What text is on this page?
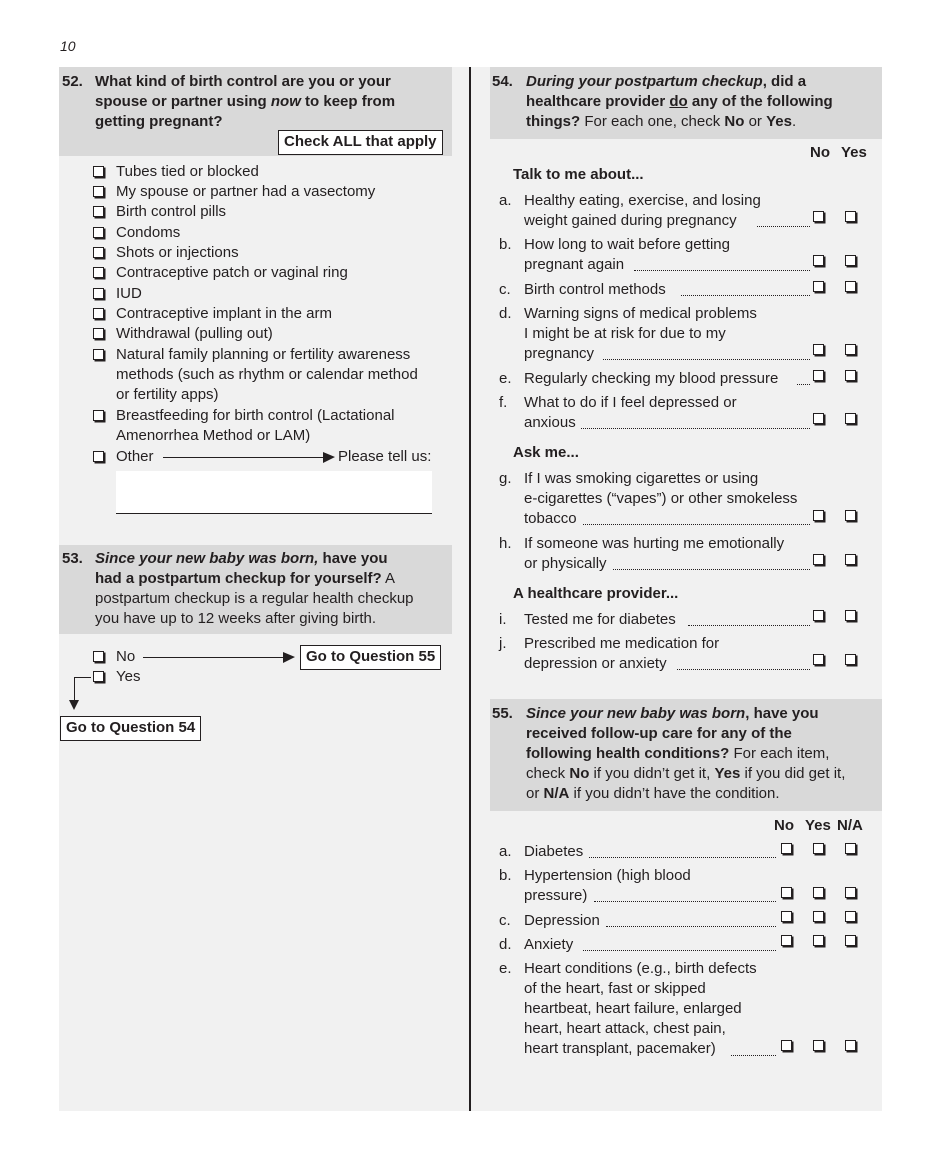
10
52. What kind of birth control are you or your
spouse or partner using now to keep from
getting pregnant?
Check ALL that apply
Tubes tied or blocked
My spouse or partner had a vasectomy
Birth control pills
Condoms
Shots or injections
Contraceptive patch or vaginal ring
IUD
Contraceptive implant in the arm
Withdrawal (pulling out)
Natural family planning or fertility awareness
methods (such as rhythm or calendar method
or fertility apps)
Breastfeeding for birth control (Lactational
Amenorrhea Method or LAM)
Other	Please tell us:
53. Since your new baby was born, have you
had a postpartum checkup for yourself? A
postpartum checkup is a regular health checkup
you have up to 12 weeks after giving birth.
No	Go to Question 55
Yes
Go to Question 54
54. During your postpartum checkup, did a
healthcare provider do any of the following
things? For each one, check No or Yes.
No Yes
Talk to me about...
a. Healthy eating, exercise, and losing
weight gained during pregnancy
b. How long to wait before getting
pregnant again
c. Birth control methods
d. Warning signs of medical problems
I might be at risk for due to my
pregnancy
e. Regularly checking my blood pressure
f. What to do if I feel depressed or
anxious
Ask me...
g. If I was smoking cigarettes or using
e-cigarettes (“vapes”) or other smokeless
tobacco
h. If someone was hurting me emotionally
or physically
A healthcare provider...
i. Tested me for diabetes
j. Prescribed me medication for
depression or anxiety
55. Since your new baby was born, have you
received follow-up care for any of the
following health conditions? For each item,
check No if you didn’t get it, Yes if you did get it,
or N/A if you didn’t have the condition.
No Yes N/A
a. Diabetes
b. Hypertension (high blood
pressure)
c. Depression
d. Anxiety
e. Heart conditions (e.g., birth defects
of the heart, fast or skipped
heartbeat, heart failure, enlarged
heart, heart attack, chest pain,
heart transplant, pacemaker)
